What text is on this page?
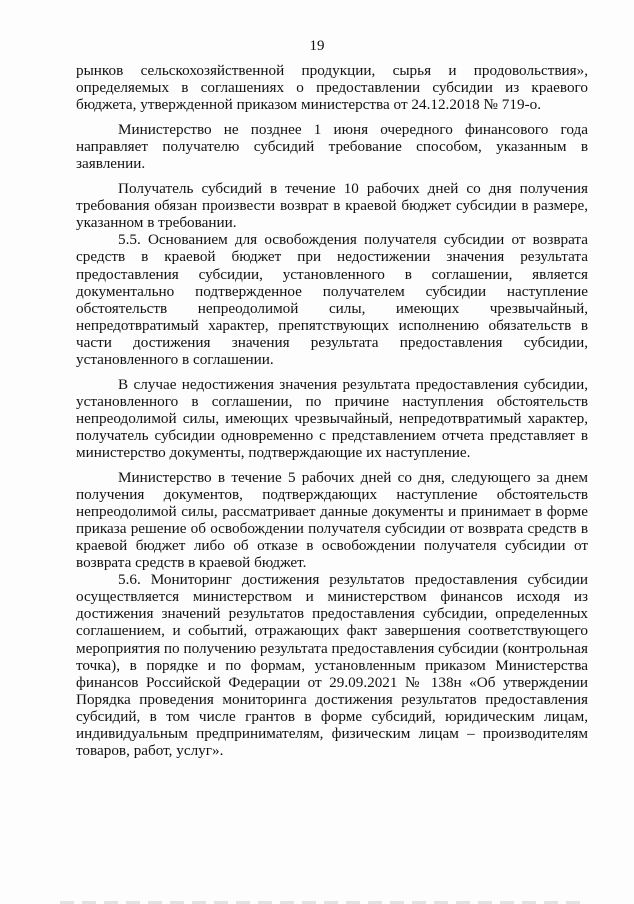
19

рынков сельскохозяйственной продукции, сырья и продовольствия», определяемых в соглашениях о предоставлении субсидии из краевого бюджета, утвержденной приказом министерства от 24.12.2018 № 719-о.

Министерство не позднее 1 июня очередного финансового года направляет получателю субсидий требование способом, указанным в заявлении.

Получатель субсидий в течение 10 рабочих дней со дня получения требования обязан произвести возврат в краевой бюджет субсидии в размере, указанном в требовании.

5.5. Основанием для освобождения получателя субсидии от возврата средств в краевой бюджет при недостижении значения результата предоставления субсидии, установленного в соглашении, является документально подтвержденное получателем субсидии наступление обстоятельств непреодолимой силы, имеющих чрезвычайный, непредотвратимый характер, препятствующих исполнению обязательств в части достижения значения результата предоставления субсидии, установленного в соглашении.

В случае недостижения значения результата предоставления субсидии, установленного в соглашении, по причине наступления обстоятельств непреодолимой силы, имеющих чрезвычайный, непредотвратимый характер, получатель субсидии одновременно с представлением отчета представляет в министерство документы, подтверждающие их наступление.

Министерство в течение 5 рабочих дней со дня, следующего за днем получения документов, подтверждающих наступление обстоятельств непреодолимой силы, рассматривает данные документы и принимает в форме приказа решение об освобождении получателя субсидии от возврата средств в краевой бюджет либо об отказе в освобождении получателя субсидии от возврата средств в краевой бюджет.

5.6. Мониторинг достижения результатов предоставления субсидии осуществляется министерством и министерством финансов исходя из достижения значений результатов предоставления субсидии, определенных соглашением, и событий, отражающих факт завершения соответствующего мероприятия по получению результата предоставления субсидии (контрольная точка), в порядке и по формам, установленным приказом Министерства финансов Российской Федерации от 29.09.2021 № 138н «Об утверждении Порядка проведения мониторинга достижения результатов предоставления субсидий, в том числе грантов в форме субсидий, юридическим лицам, индивидуальным предпринимателям, физическим лицам – производителям товаров, работ, услуг».
